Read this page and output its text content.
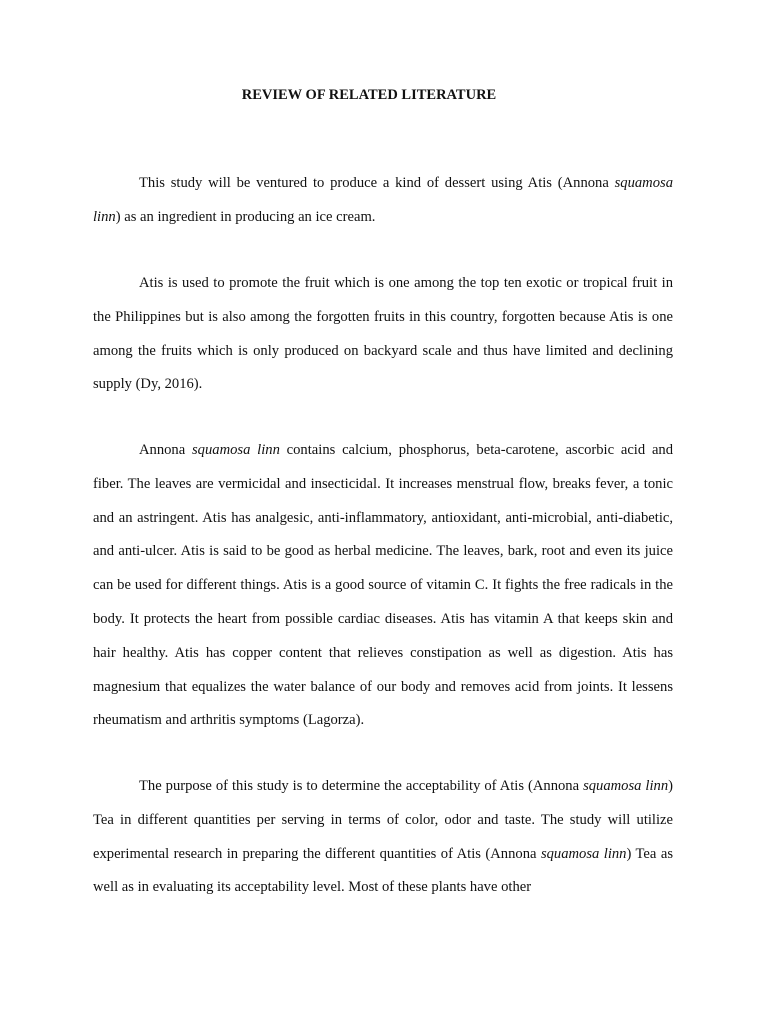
REVIEW OF RELATED LITERATURE

This study will be ventured to produce a kind of dessert using Atis (Annona squamosa linn) as an ingredient in producing an ice cream.

Atis is used to promote the fruit which is one among the top ten exotic or tropical fruit in the Philippines but is also among the forgotten fruits in this country, forgotten because Atis is one among the fruits which is only produced on backyard scale and thus have limited and declining supply (Dy, 2016).

Annona squamosa linn contains calcium, phosphorus, beta-carotene, ascorbic acid and fiber. The leaves are vermicidal and insecticidal. It increases menstrual flow, breaks fever, a tonic and an astringent. Atis has analgesic, anti-inflammatory, antioxidant, anti-microbial, anti-diabetic, and anti-ulcer. Atis is said to be good as herbal medicine. The leaves, bark, root and even its juice can be used for different things. Atis is a good source of vitamin C. It fights the free radicals in the body. It protects the heart from possible cardiac diseases. Atis has vitamin A that keeps skin and hair healthy. Atis has copper content that relieves constipation as well as digestion. Atis has magnesium that equalizes the water balance of our body and removes acid from joints. It lessens rheumatism and arthritis symptoms (Lagorza).

The purpose of this study is to determine the acceptability of Atis (Annona squamosa linn) Tea in different quantities per serving in terms of color, odor and taste. The study will utilize experimental research in preparing the different quantities of Atis (Annona squamosa linn) Tea as well as in evaluating its acceptability level. Most of these plants have other
